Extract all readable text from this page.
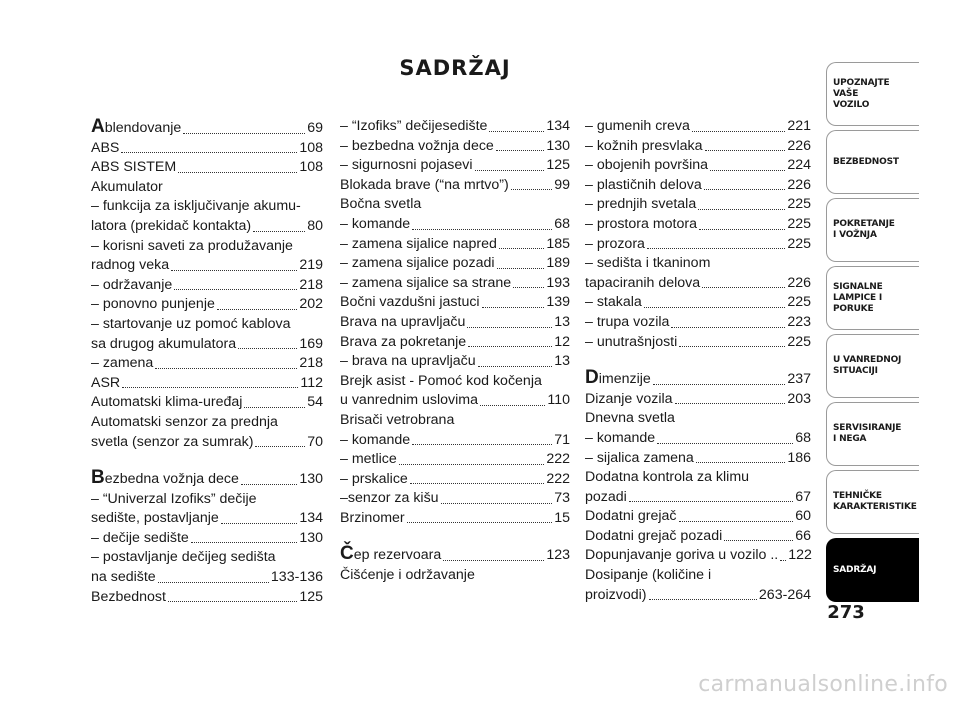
SADRŽAJ
Ablendovanje	69
ABS	108
ABS SISTEM	108
Akumulator
– funkcija za isključivanje akumu-
latora (prekidač kontakta)	80
– korisni saveti za produžavanje
radnog veka	219
– održavanje	218
– ponovno punjenje	202
– startovanje uz pomoć kablova
sa drugog akumulatora	169
– zamena	218
ASR	112
Automatski klima-uređaj	54
Automatski senzor za prednja
svetla (senzor za sumrak)	70
Bezbedna vožnja dece	130
– “Univerzal Izofiks” dečije
sedište, postavljanje	134
– dečije sedište	130
– postavljanje dečijeg sedišta
na sedište	133-136
Bezbednost	125
– “Izofiks” dečijesedište	134
– bezbedna vožnja dece	130
– sigurnosni pojasevi	125
Blokada brave (“na mrtvo”)	99
Bočna svetla
– komande	68
– zamena sijalice napred	185
– zamena sijalice pozadi	189
– zamena sijalice sa strane 193
Bočni vazdušni jastuci	139
Brava na upravljaču	13
Brava za pokretanje	12
– brava na upravljaču	13
Brejk asist - Pomoć kod kočenja
u vanrednim uslovima	110
Brisači vetrobrana
– komande	71
– metlice	222
– prskalice	222
–senzor za kišu	73
Brzinomer	15
Čep rezervoara	123
Čišćenje i održavanje
– gumenih creva	221
– kožnih presvlaka	226
– obojenih površina	224
– plastičnih delova	226
– prednjih svetala	225
– prostora motora	225
– prozora	225
– sedišta i tkaninom
tapaciranih delova	226
– stakala	225
– trupa vozila	223
– unutrašnjosti	225
Dimenzije	237
Dizanje vozila	203
Dnevna svetla
– komande	68
– sijalica zamena	186
Dodatna kontrola za klimu
pozadi	67
Dodatni grejač	60
Dodatni grejač pozadi	66
Dopunjavanje goriva u vozilo .. 122
Dosipanje (količine i
proizvodi)	263-264
UPOZNAJTE
VAŠE
VOZILO
BEZBEDNOST
POKRETANJE
I VOŽNJA
SIGNALNE
LAMPICE I PORUKE
U VANREDNOJ
SITUACIJI
SERVISIRANJE
I NEGA
TEHNIČKE
KARAKTERISTIKE
SADRŽAJ
273
carmanualsonline.info
